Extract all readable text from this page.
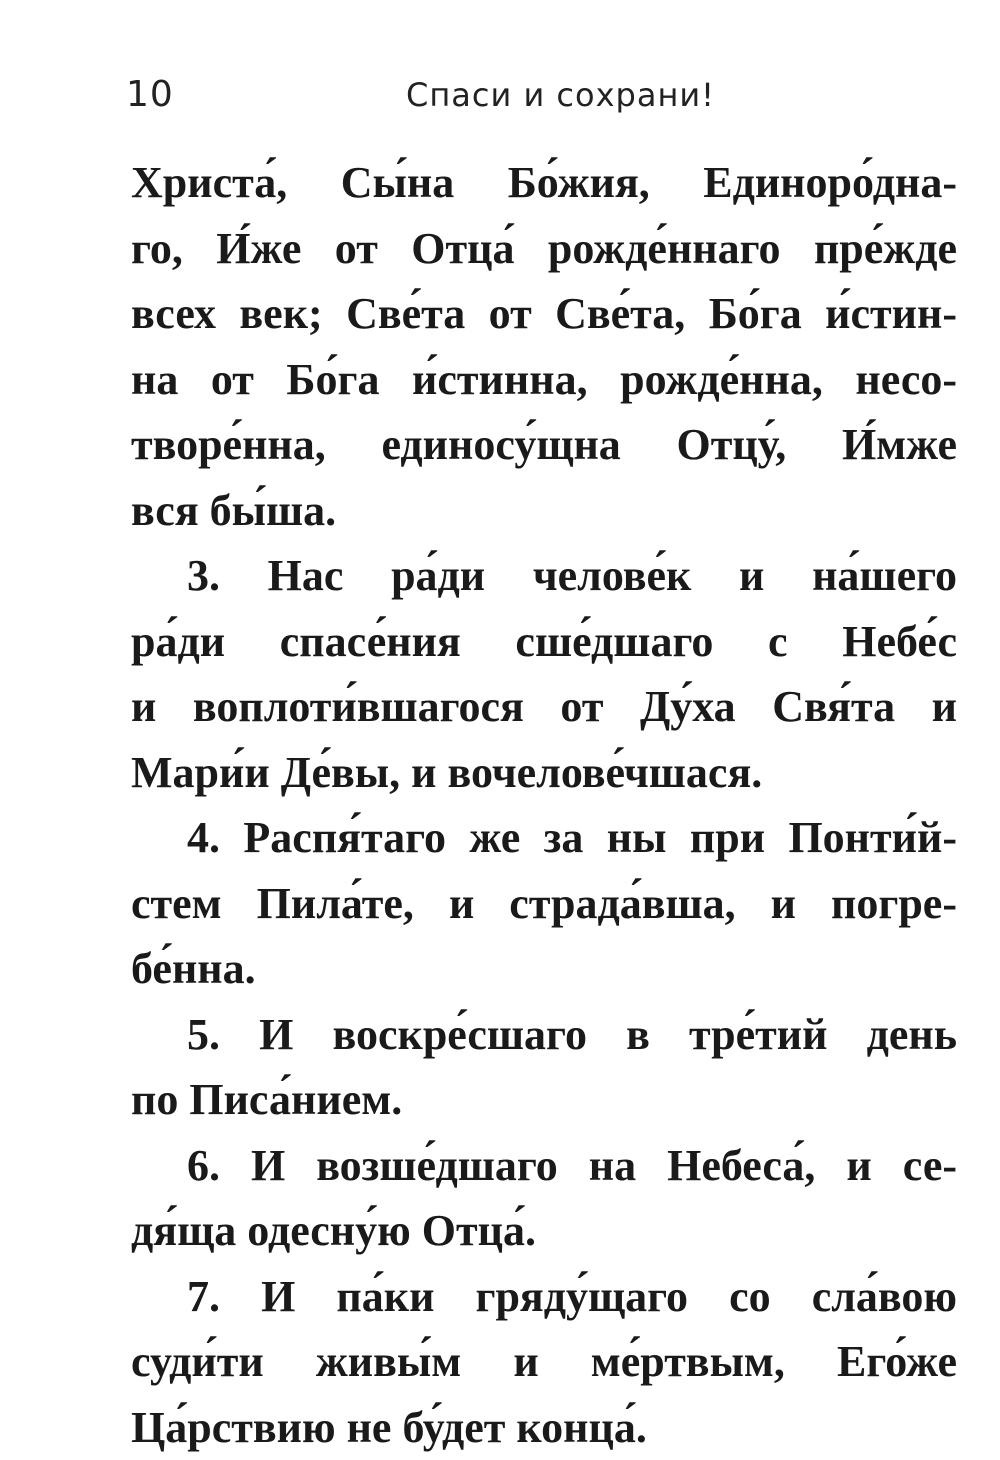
10	Спаси и сохрани!
Христа́, Сы́на Бо́жия, Единоро́дна-
го, И́же от Отца́ рожде́ннаго пре́жде
всех век; Све́та от Све́та, Бо́га и́стин-
на от Бо́га и́стинна, рожде́нна, несо-
творе́нна, единосу́щна Отцу́, И́мже
вся бы́ша.
3. Нас ра́ди челове́к и на́шего
ра́ди спасе́ния сше́дшаго с Небе́с
и воплоти́вшагося от Ду́ха Свя́та и
Мари́и Де́вы, и вочелове́чшася.
4. Распя́таго же за ны при Понти́й-
стем Пила́те, и страда́вша, и погре-
бе́нна.
5. И воскре́сшаго в тре́тий день
по Писа́нием.
6. И возше́дшаго на Небеса́, и се-
дя́ща одесну́ю Отца́.
7. И па́ки гряду́щаго со сла́вою
суди́ти живы́м и ме́ртвым, Его́же
Ца́рствию не бу́дет конца́.
